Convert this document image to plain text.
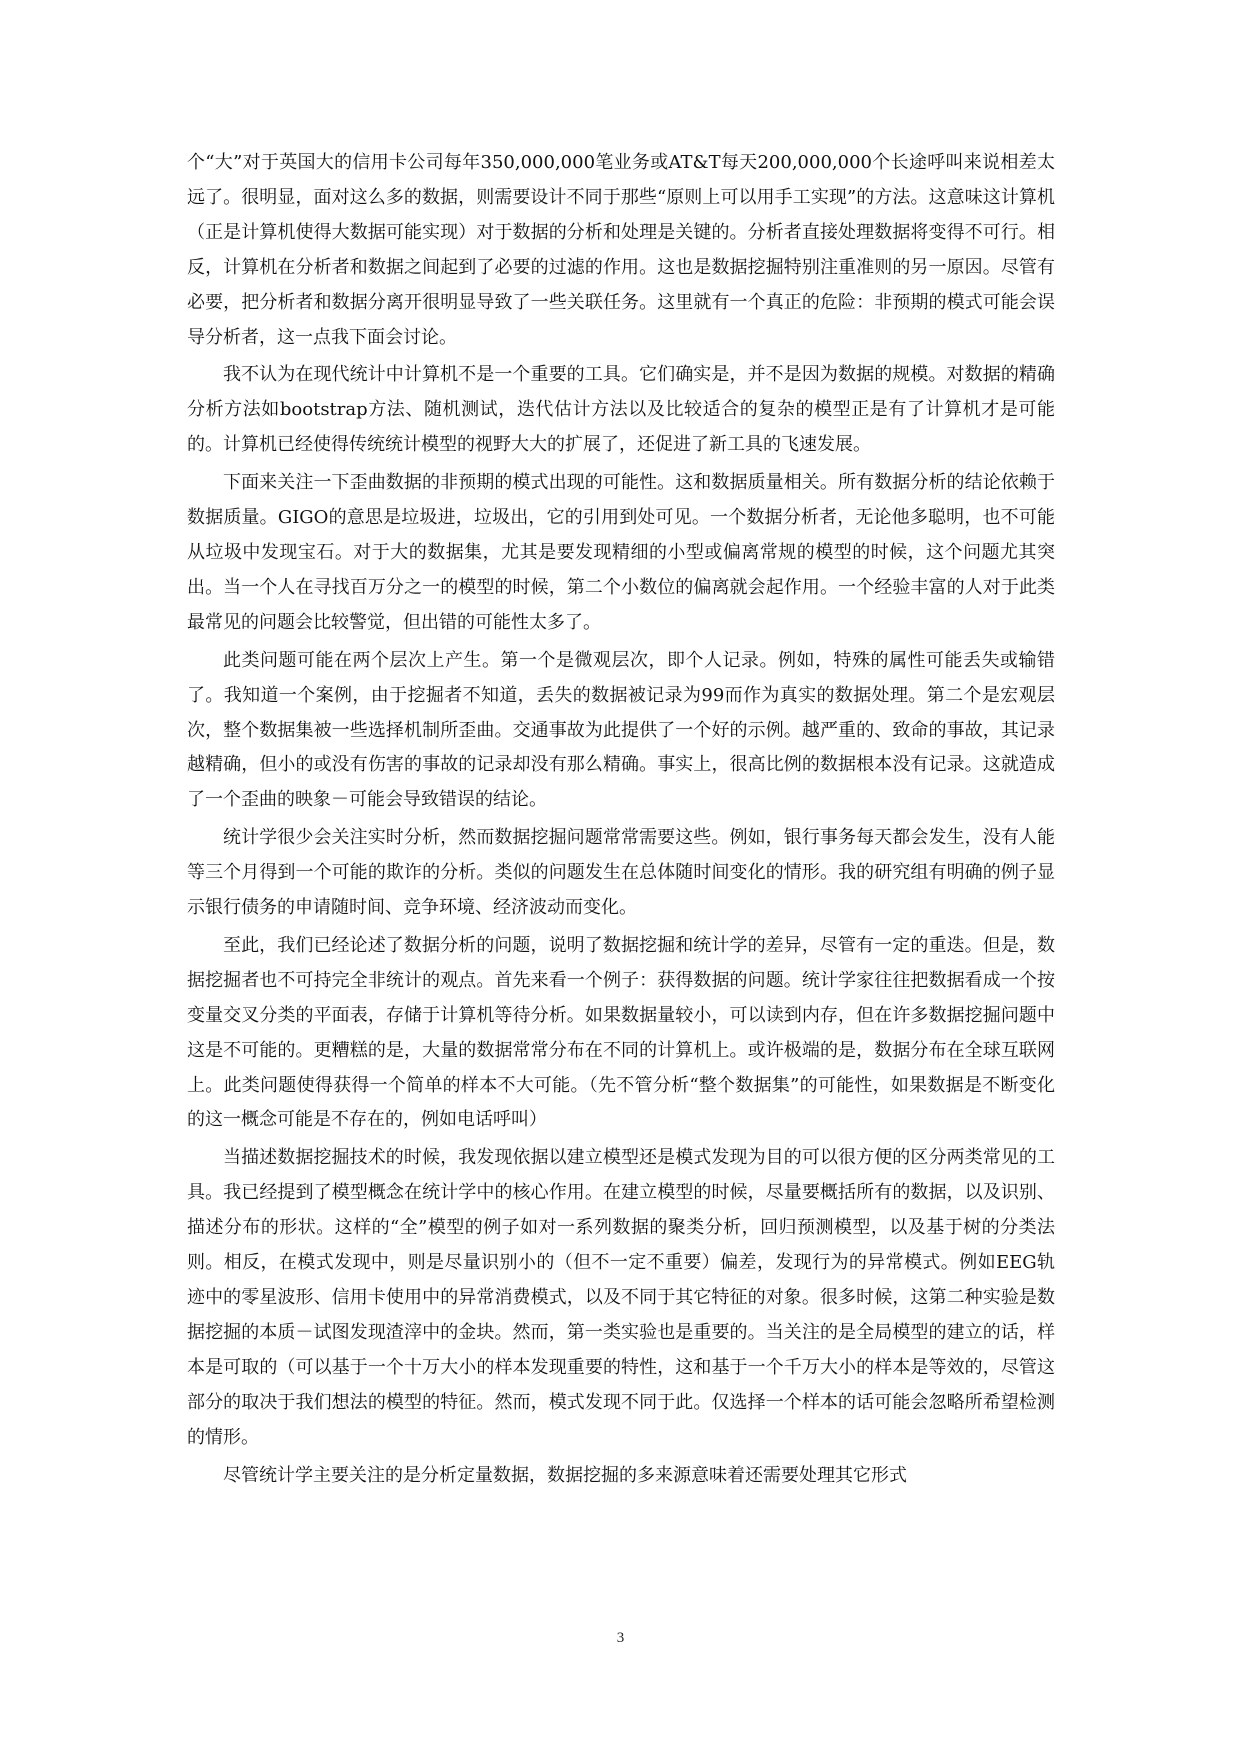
个“大”对于英国大的信用卡公司每年350,000,000笔业务或AT&T每天200,000,000个长途呼叫来说相差太远了。很明显，面对这么多的数据，则需要设计不同于那些“原则上可以用手工实现”的方法。这意味这计算机（正是计算机使得大数据可能实现）对于数据的分析和处理是关键的。分析者直接处理数据将变得不可行。相反，计算机在分析者和数据之间起到了必要的过滤的作用。这也是数据挖掘特别注重准则的另一原因。尽管有必要，把分析者和数据分离开很明显导致了一些关联任务。这里就有一个真正的危险：非预期的模式可能会误导分析者，这一点我下面会讨论。

我不认为在现代统计中计算机不是一个重要的工具。它们确实是，并不是因为数据的规模。对数据的精确分析方法如bootstrap方法、随机测试，迭代估计方法以及比较适合的复杂的模型正是有了计算机才是可能的。计算机已经使得传统统计模型的视野大大的扩展了，还促进了新工具的飞速发展。

下面来关注一下歪曲数据的非预期的模式出现的可能性。这和数据质量相关。所有数据分析的结论依赖于数据质量。GIGO的意思是垃圾进，垃圾出，它的引用到处可见。一个数据分析者，无论他多聪明，也不可能从垃圾中发现宝石。对于大的数据集，尤其是要发现精细的小型或偏离常规的模型的时候，这个问题尤其突出。当一个人在寻找百万分之一的模型的时候，第二个小数位的偏离就会起作用。一个经验丰富的人对于此类最常见的问题会比较警觉，但出错的可能性太多了。

此类问题可能在两个层次上产生。第一个是微观层次，即个人记录。例如，特殊的属性可能丢失或输错了。我知道一个案例，由于挖掘者不知道，丢失的数据被记录为99而作为真实的数据处理。第二个是宏观层次，整个数据集被一些选择机制所歪曲。交通事故为此提供了一个好的示例。越严重的、致命的事故，其记录越精确，但小的或没有伤害的事故的记录却没有那么精确。事实上，很高比例的数据根本没有记录。这就造成了一个歪曲的映象－可能会导致错误的结论。

统计学很少会关注实时分析，然而数据挖掘问题常常需要这些。例如，银行事务每天都会发生，没有人能等三个月得到一个可能的欺诈的分析。类似的问题发生在总体随时间变化的情形。我的研究组有明确的例子显示银行债务的申请随时间、竞争环境、经济波动而变化。

至此，我们已经论述了数据分析的问题，说明了数据挖掘和统计学的差异，尽管有一定的重迭。但是，数据挖掘者也不可持完全非统计的观点。首先来看一个例子：获得数据的问题。统计学家往往把数据看成一个按变量交叉分类的平面表，存储于计算机等待分析。如果数据量较小，可以读到内存，但在许多数据挖掘问题中这是不可能的。更糟糕的是，大量的数据常常分布在不同的计算机上。或许极端的是，数据分布在全球互联网上。此类问题使得获得一个简单的样本不大可能。（先不管分析“整个数据集”的可能性，如果数据是不断变化的这一概念可能是不存在的，例如电话呼叫）

当描述数据挖掘技术的时候，我发现依据以建立模型还是模式发现为目的可以很方便的区分两类常见的工具。我已经提到了模型概念在统计学中的核心作用。在建立模型的时候，尽量要概括所有的数据，以及识别、描述分布的形状。这样的“全”模型的例子如对一系列数据的聚类分析，回归预测模型，以及基于树的分类法则。相反，在模式发现中，则是尽量识别小的（但不一定不重要）偏差，发现行为的异常模式。例如EEG轨迹中的零星波形、信用卡使用中的异常消费模式，以及不同于其它特征的对象。很多时候，这第二种实验是数据挖掘的本质－试图发现渣滓中的金块。然而，第一类实验也是重要的。当关注的是全局模型的建立的话，样本是可取的（可以基于一个十万大小的样本发现重要的特性，这和基于一个千万大小的样本是等效的，尽管这部分的取决于我们想法的模型的特征。然而，模式发现不同于此。仅选择一个样本的话可能会忽略所希望检测的情形。

尽管统计学主要关注的是分析定量数据，数据挖掘的多来源意味着还需要处理其它形式

3
